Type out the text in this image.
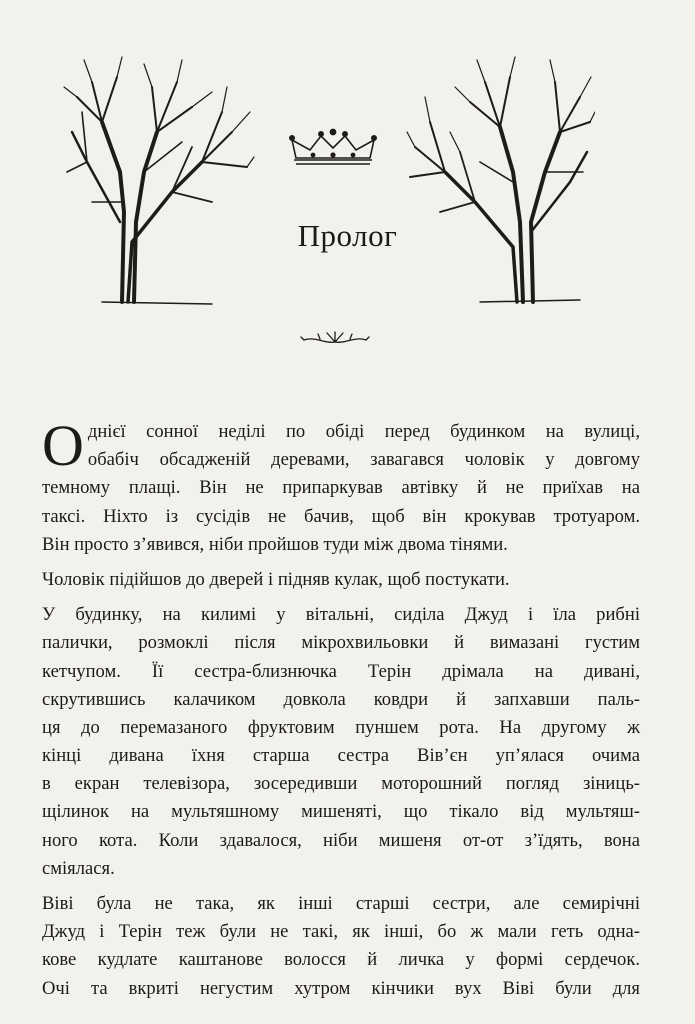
Пролог
О днієї сонної неділі по обіді перед будинком на вулиці,
обабіч обсадженій деревами, завагався чоловік у довгому
темному плащі. Він не припаркував автівку й не приїхав на
таксі. Ніхто із сусідів не бачив, щоб він крокував тротуаром.
Він просто з’явився, ніби пройшов туди між двома тінями.
Чоловік підійшов до дверей і підняв кулак, щоб постукати.
У будинку, на килимі у вітальні, сиділа Джуд і їла рибні
палички, розмоклі після мікрохвильовки й вимазані густим
кетчупом. Її сестра-близнючка Терін дрімала на дивані,
скрутившись калачиком довкола ковдри й запхавши паль-
ця до перемазаного фруктовим пуншем рота. На другому ж
кінці дивана їхня старша сестра Вів’єн уп’ялася очима
в екран телевізора, зосередивши моторошний погляд зіниць-
щілинок на мультяшному мишеняті, що тікало від мультяш-
ного кота. Коли здавалося, ніби мишеня от-от з’їдять, вона
сміялася.
Віві була не така, як інші старші сестри, але семирічні
Джуд і Терін теж були не такі, як інші, бо ж мали геть одна-
кове кудлате каштанове волосся й личка у формі сердечок.
Очі та вкриті негустим хутром кінчики вух Віві були для
